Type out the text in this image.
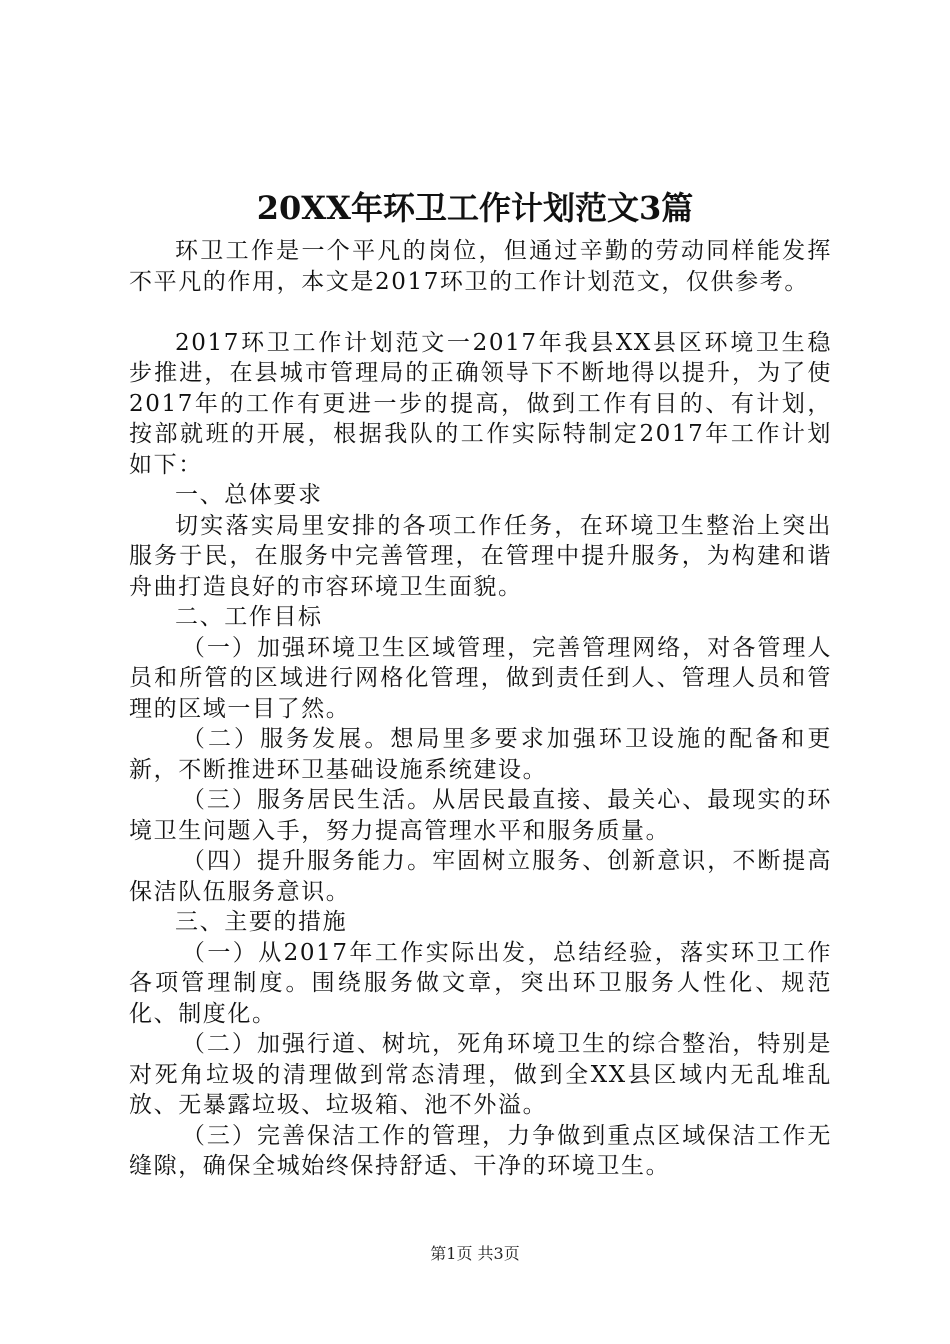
20XX年环卫工作计划范文3篇

环卫工作是一个平凡的岗位，但通过辛勤的劳动同样能发挥不平凡的作用，本文是2017环卫的工作计划范文，仅供参考。

2017环卫工作计划范文一2017年我县XX县区环境卫生稳步推进，在县城市管理局的正确领导下不断地得以提升，为了使2017年的工作有更进一步的提高，做到工作有目的、有计划，按部就班的开展，根据我队的工作实际特制定2017年工作计划如下：

一、总体要求

切实落实局里安排的各项工作任务，在环境卫生整治上突出服务于民，在服务中完善管理，在管理中提升服务，为构建和谐舟曲打造良好的市容环境卫生面貌。

二、工作目标

（一）加强环境卫生区域管理，完善管理网络，对各管理人员和所管的区域进行网格化管理，做到责任到人、管理人员和管理的区域一目了然。

（二）服务发展。想局里多要求加强环卫设施的配备和更新，不断推进环卫基础设施系统建设。

（三）服务居民生活。从居民最直接、最关心、最现实的环境卫生问题入手，努力提高管理水平和服务质量。

（四）提升服务能力。牢固树立服务、创新意识，不断提高保洁队伍服务意识。

三、主要的措施

（一）从2017年工作实际出发，总结经验，落实环卫工作各项管理制度。围绕服务做文章，突出环卫服务人性化、规范化、制度化。

（二）加强行道、树坑，死角环境卫生的综合整治，特别是对死角垃圾的清理做到常态清理，做到全XX县区域内无乱堆乱放、无暴露垃圾、垃圾箱、池不外溢。

（三）完善保洁工作的管理，力争做到重点区域保洁工作无缝隙，确保全城始终保持舒适、干净的环境卫生。

第1页 共3页
